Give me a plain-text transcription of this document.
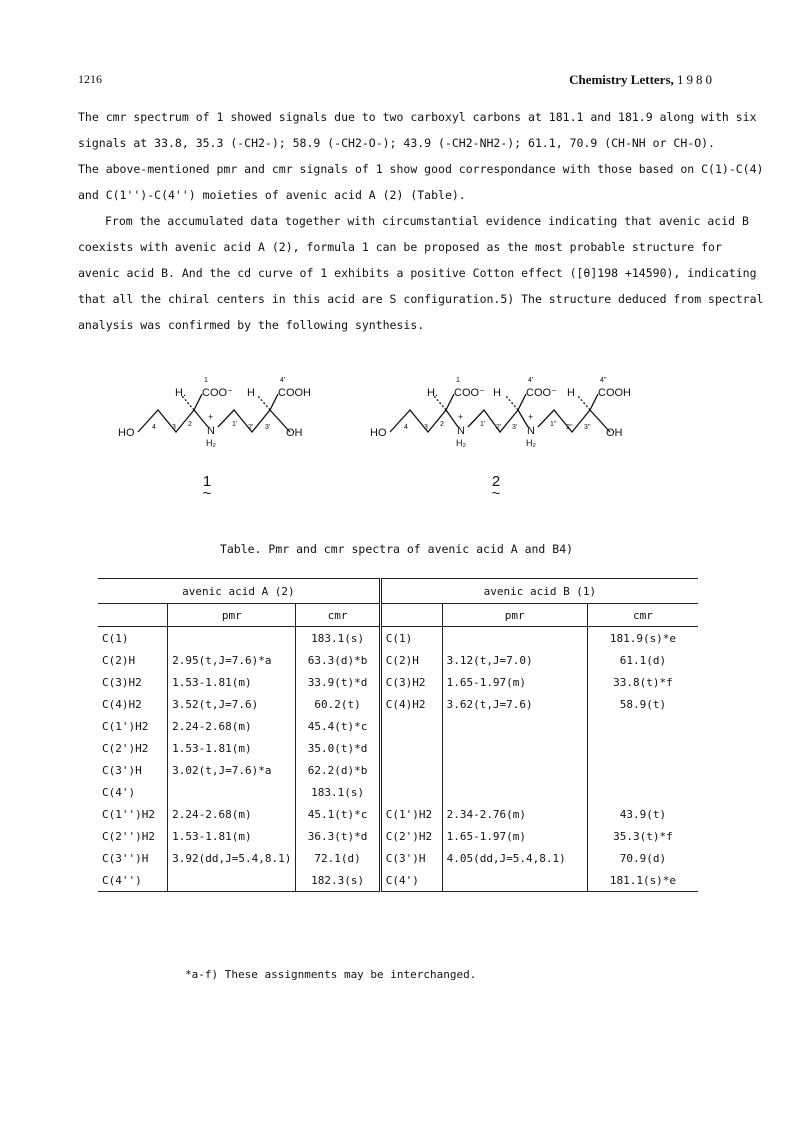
1216	Chemistry Letters, 1980

The cmr spectrum of 1 showed signals due to two carboxyl carbons at 181.1 and 181.9 along with six

signals at 33.8, 35.3 (-CH2-); 58.9 (-CH2-O-); 43.9 (-CH2-NH2-); 61.1, 70.9 (CH-NH or CH-O).

The above-mentioned pmr and cmr signals of 1 show good correspondance with those based on C(1)-C(4)

and C(1'')-C(4'') moieties of avenic acid A (2) (Table).

From the accumulated data together with circumstantial evidence indicating that avenic acid B

coexists with avenic acid A (2), formula 1 can be proposed as the most probable structure for

avenic acid B. And the cd curve of 1 exhibits a positive Cotton effect ([θ]198 +14590), indicating

that all the chiral centers in this acid are S configuration.5) The structure deduced from spectral

analysis was confirmed by the following synthesis.

HO
H.
1
COO⁻ H
4'
COOH
4 3 2	1' 2' 3'
+
N
H₂
OH
1
~
HO
H.
1
COO⁻ H
4'
COO⁻ H
4''
COOH
4 3 2
+
N
H₂
1' 2' 3'
+
N
H₂
1'' 2'' 3'' OH
2
~
Table. Pmr and cmr spectra of avenic acid A and B4)
avenic acid A (2)			avenic acid B (1)		
	pmr	cmr		pmr	cmr
C(1)		183.1(s)	C(1)		181.9(s)*e
C(2)H	2.95(t,J=7.6)*a	63.3(d)*b	C(2)H	3.12(t,J=7.0)	61.1(d)
C(3)H2	1.53-1.81(m)	33.9(t)*d	C(3)H2	1.65-1.97(m)	33.8(t)*f
C(4)H2	3.52(t,J=7.6)	60.2(t)	C(4)H2	3.62(t,J=7.6)	58.9(t)
C(1')H2	2.24-2.68(m)	45.4(t)*c			
C(2')H2	1.53-1.81(m)	35.0(t)*d			
C(3')H	3.02(t,J=7.6)*a	62.2(d)*b			
C(4')		183.1(s)			
C(1'')H2	2.24-2.68(m)	45.1(t)*c	C(1')H2	2.34-2.76(m)	43.9(t)
C(2'')H2	1.53-1.81(m)	36.3(t)*d	C(2')H2	1.65-1.97(m)	35.3(t)*f
C(3'')H	3.92(dd,J=5.4,8.1)	72.1(d)	C(3')H	4.05(dd,J=5.4,8.1)	70.9(d)
C(4'')		182.3(s)	C(4')		181.1(s)*e
*a-f) These assignments may be interchanged.
